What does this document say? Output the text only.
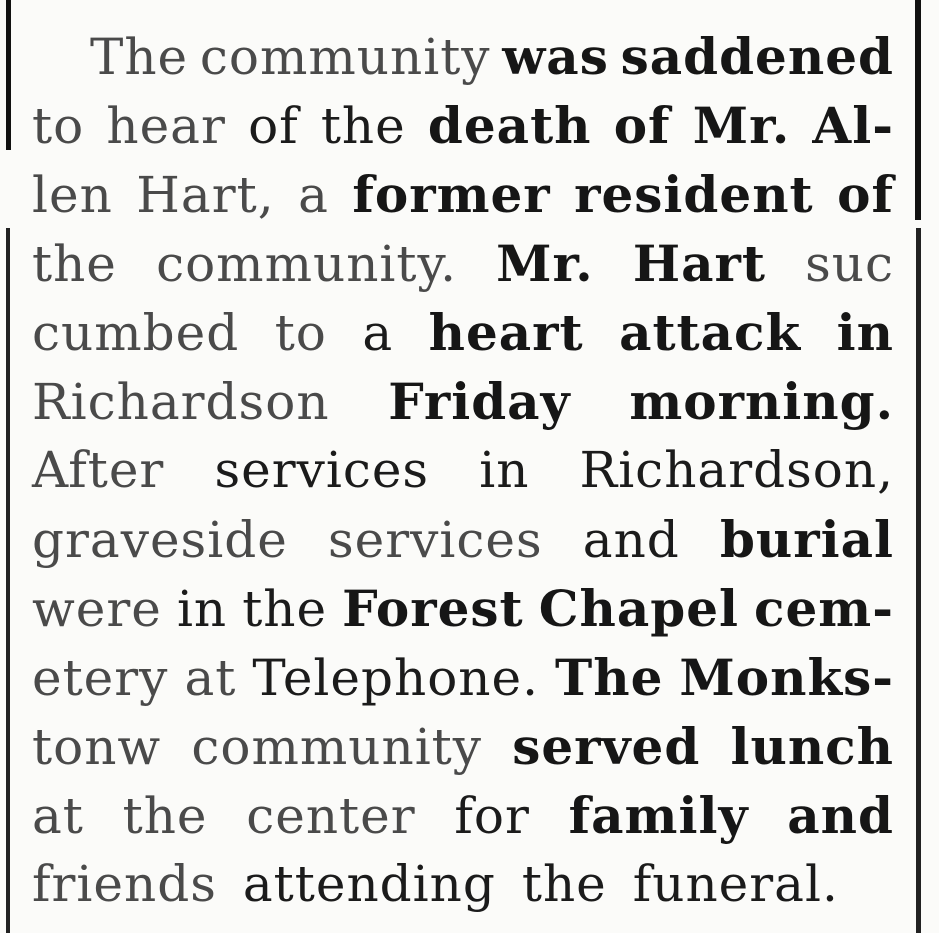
The community was saddened
to hear of the death of Mr. Al-
len Hart, a former resident of
the community. Mr. Hart suc
cumbed to a heart attack in
Richardson Friday morning.
After services in Richardson,
graveside services and burial
were in the Forest Chapel cem-
etery at Telephone. The Monks-
tonw community served lunch
at the center for family and
friends attending the funeral.
